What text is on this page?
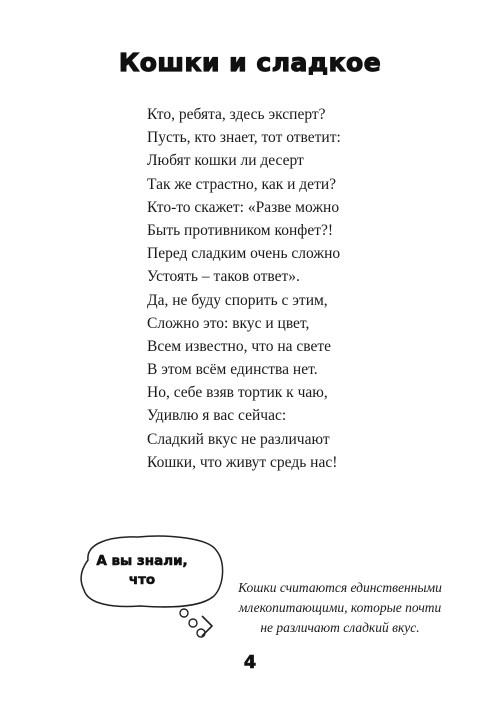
Кошки и сладкое
Кто, ребята, здесь эксперт?
Пусть, кто знает, тот ответит:
Любят кошки ли десерт
Так же страстно, как и дети?
Кто-то скажет: «Разве можно
Быть противником конфет?!
Перед сладким очень сложно
Устоять – таков ответ».
Да, не буду спорить с этим,
Сложно это: вкус и цвет,
Всем известно, что на свете
В этом всём единства нет.
Но, себе взяв тортик к чаю,
Удивлю я вас сейчас:
Сладкий вкус не различают
Кошки, что живут средь нас!
А вы знали,
что	Кошки считаются единственными
млекопитающими, которые почти
не различают сладкий вкус.
4
